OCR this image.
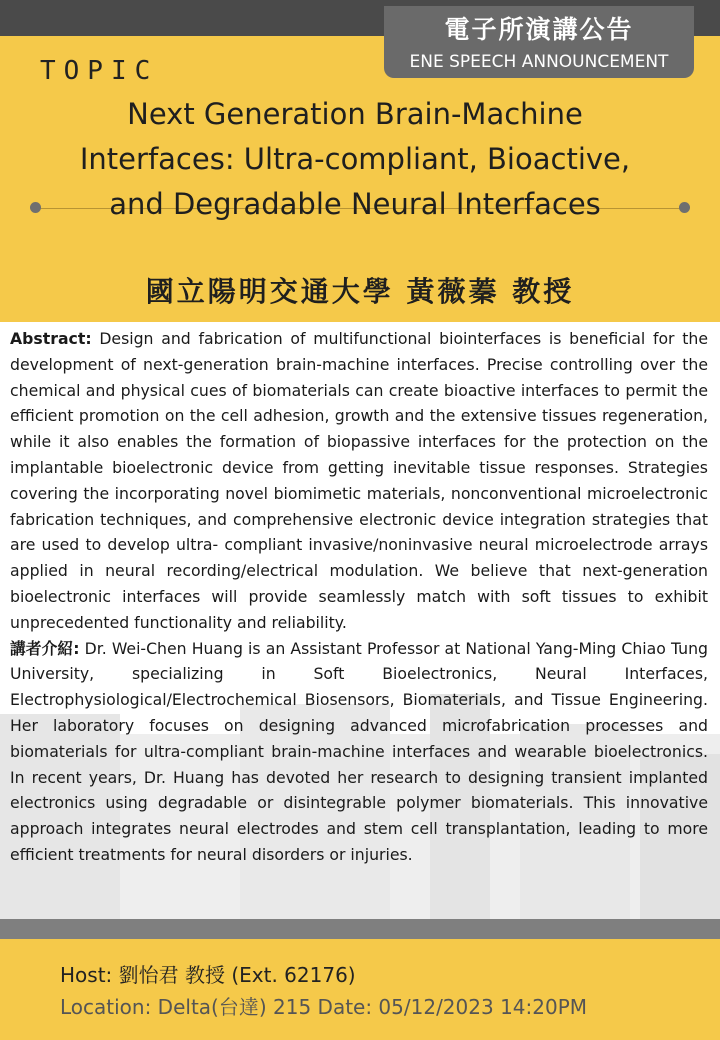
電子所演講公告
ENE SPEECH ANNOUNCEMENT
TOPIC
Next Generation Brain-Machine Interfaces: Ultra-compliant, Bioactive, and Degradable Neural Interfaces
國立陽明交通大學 黃薇蓁 教授
Abstract: Design and fabrication of multifunctional biointerfaces is beneficial for the development of next-generation brain-machine interfaces. Precise controlling over the chemical and physical cues of biomaterials can create bioactive interfaces to permit the efficient promotion on the cell adhesion, growth and the extensive tissues regeneration, while it also enables the formation of biopassive interfaces for the protection on the implantable bioelectronic device from getting inevitable tissue responses. Strategies covering the incorporating novel biomimetic materials, nonconventional microelectronic fabrication techniques, and comprehensive electronic device integration strategies that are used to develop ultra- compliant invasive/noninvasive neural microelectrode arrays applied in neural recording/electrical modulation. We believe that next-generation bioelectronic interfaces will provide seamlessly match with soft tissues to exhibit unprecedented functionality and reliability.
講者介紹: Dr. Wei-Chen Huang is an Assistant Professor at National Yang-Ming Chiao Tung University, specializing in Soft Bioelectronics, Neural Interfaces, Electrophysiological/Electrochemical Biosensors, Biomaterials, and Tissue Engineering. Her laboratory focuses on designing advanced microfabrication processes and biomaterials for ultra-compliant brain-machine interfaces and wearable bioelectronics. In recent years, Dr. Huang has devoted her research to designing transient implanted electronics using degradable or disintegrable polymer biomaterials. This innovative approach integrates neural electrodes and stem cell transplantation, leading to more efficient treatments for neural disorders or injuries.
Host: 劉怡君 教授 (Ext. 62176)
Location: Delta(台達) 215 Date: 05/12/2023 14:20PM
